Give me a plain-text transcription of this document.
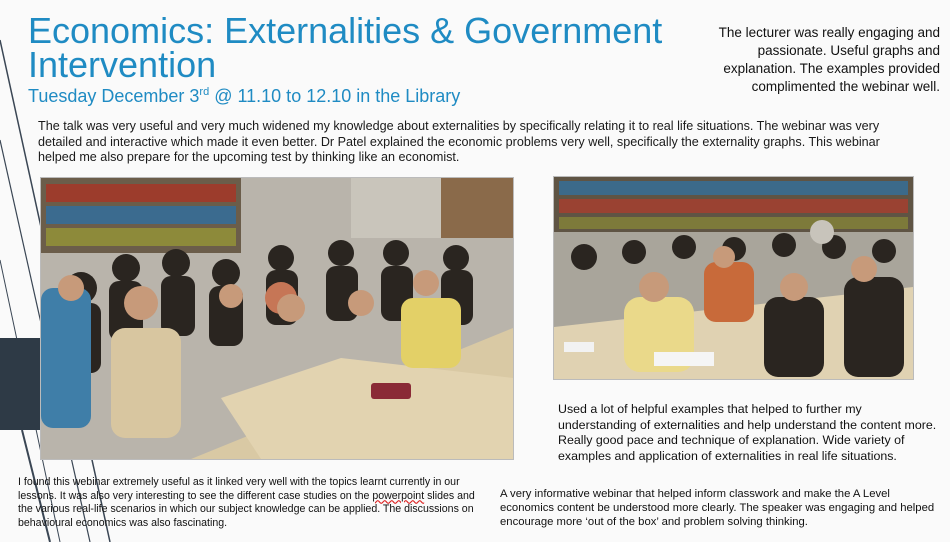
Economics: Externalities & Government Intervention
Tuesday December 3rd @ 11.10 to 12.10 in the Library
The lecturer was really engaging and passionate. Useful graphs and explanation. The examples provided complimented the webinar well.
The talk was very useful and very much widened my knowledge about externalities by specifically relating it to real life situations. The webinar was very detailed and interactive which made it even better. Dr Patel explained the economic problems very well, specifically the externality graphs. This webinar helped me also prepare for the upcoming test by thinking like an economist.
Used a lot of helpful examples that helped to further my understanding of externalities and help understand the content more. Really good pace and technique of explanation. Wide variety of examples and application of externalities in real life situations.
I found this webinar extremely useful as it linked very well with the topics learnt currently in our lessons. It was also very interesting to see the different case studies on the powerpoint slides and the various real-life scenarios in which our subject knowledge can be applied. The discussions on behavioural economics was also fascinating.
A very informative webinar that helped inform classwork and make the A Level economics content be understood more clearly. The speaker was engaging and helped encourage more ‘out of the box’ and problem solving thinking.
